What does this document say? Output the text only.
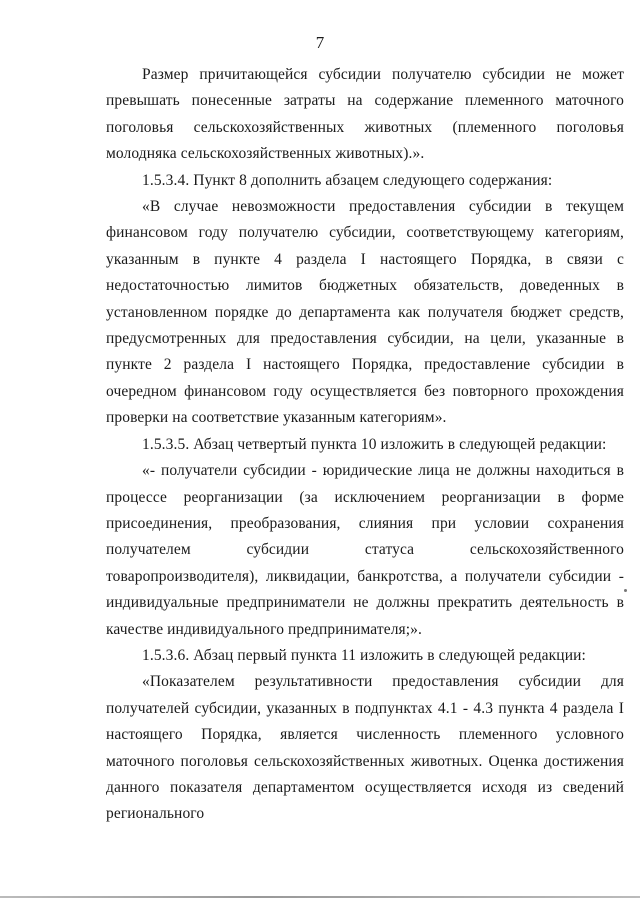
7

Размер причитающейся субсидии получателю субсидии не может превышать понесенные затраты на содержание племенного маточного поголовья сельскохозяйственных животных (племенного поголовья молодняка сельскохозяйственных животных).».

1.5.3.4. Пункт 8 дополнить абзацем следующего содержания:

«В случае невозможности предоставления субсидии в текущем финансовом году получателю субсидии, соответствующему категориям, указанным в пункте 4 раздела I настоящего Порядка, в связи с недостаточностью лимитов бюджетных обязательств, доведенных в установленном порядке до департамента как получателя бюджет средств, предусмотренных для предоставления субсидии, на цели, указанные в пункте 2 раздела I настоящего Порядка, предоставление субсидии в очередном финансовом году осуществляется без повторного прохождения проверки на соответствие указанным категориям».

1.5.3.5. Абзац четвертый пункта 10 изложить в следующей редакции:

«- получатели субсидии - юридические лица не должны находиться в процессе реорганизации (за исключением реорганизации в форме присоединения, преобразования, слияния при условии сохранения получателем субсидии статуса сельскохозяйственного товаропроизводителя), ликвидации, банкротства, а получатели субсидии - индивидуальные предприниматели не должны прекратить деятельность в качестве индивидуального предпринимателя;».

1.5.3.6. Абзац первый пункта 11 изложить в следующей редакции:

«Показателем результативности предоставления субсидии для получателей субсидии, указанных в подпунктах 4.1 - 4.3 пункта 4 раздела I настоящего Порядка, является численность племенного условного маточного поголовья сельскохозяйственных животных. Оценка достижения данного показателя департаментом осуществляется исходя из сведений регионального
